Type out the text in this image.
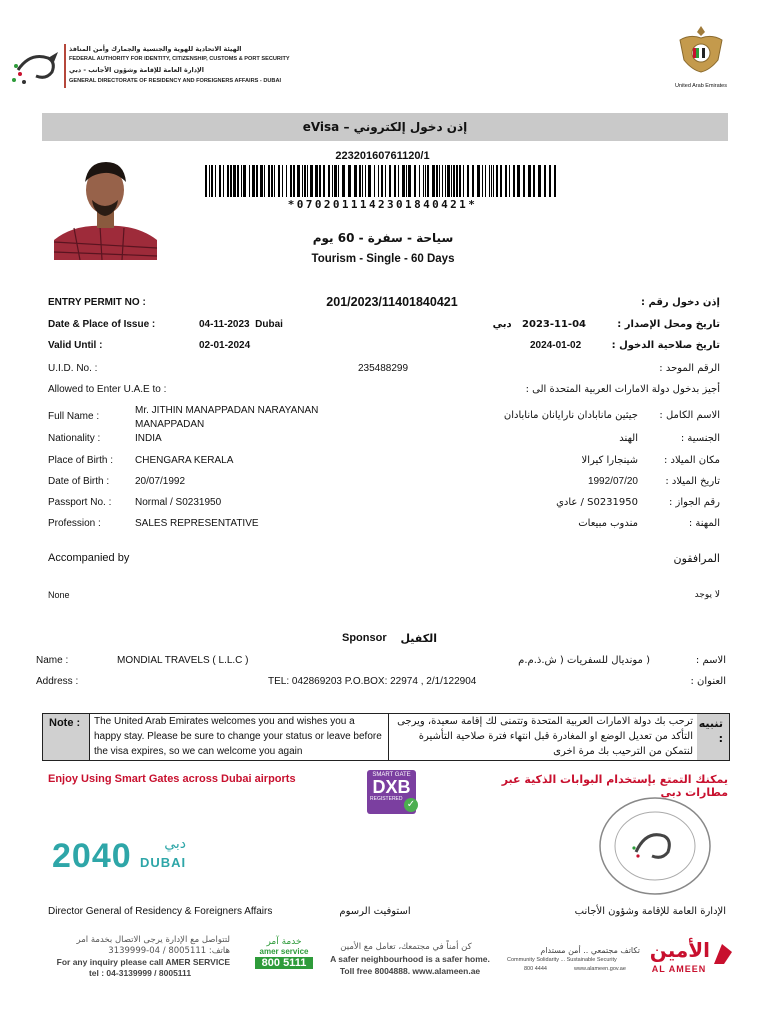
الهيئة الاتحادية للهوية والجنسية والجمارك وأمن المنافذ
FEDERAL AUTHORITY FOR IDENTITY, CITIZENSHIP, CUSTOMS & PORT SECURITY
الإدارة العامة للإقامة وشؤون الأجانب - دبي
GENERAL DIRECTORATE OF RESIDENCY AND FOREIGNERS AFFAIRS - DUBAI
United Arab Emirates
إذن دخول إلكتروني – eVisa
22320160761120/1
*0702011142301840421*
سياحة - سفرة - 60 يوم
Tourism - Single - 60 Days
ENTRY PERMIT NO :	201/2023/11401840421	إذن دخول رقم :
Date & Place of Issue :	04-11-2023  Dubai	2023-11-04   دبي	تاريخ ومحل الإصدار :
Valid Until :	02-01-2024	2024-01-02	تاريخ صلاحية الدخول :
U.I.D. No. :	235488299	الرقم الموحد :
Allowed to Enter U.A.E to :	أجيز بدخول دولة الامارات العربية المتحدة الى :
Full Name :
Mr. JITHIN MANAPPADAN NARAYANAN
MANAPPADAN
جيثين مانابادان نارايانان مانابادان	الاسم الكامل :
Nationality :	INDIA	الهند	الجنسية :
Place of Birth : CHENGARA KERALA	شينجارا كيرالا	مكان الميلاد :
Date of Birth :	20/07/1992	1992/07/20	تاريخ الميلاد :
Passport No. : Normal / S0231950	S0231950 / عادي	رقم الجواز :
Profession :	SALES REPRESENTATIVE	مندوب مبيعات	المهنة :
Accompanied by	المرافقون
None	لا يوجد
Sponsor	الكفيل
Name :	MONDIAL TRAVELS ( L.L.C )	( موندیال للسفريات ( ش.ذ.م.م	الاسم :
Address :	TEL: 042869203 P.O.BOX: 22974 , 2/1/122904	العنوان :
Note :	The United Arab Emirates welcomes you and wishes you a happy stay. Please be sure to change your status or leave before the visa expires, so we can welcome you again
ترحب بك دولة الامارات العربية المتحدة وتتمنى لك إقامة سعيدة، ويرجى التأكد من تعديل الوضع او المغادرة قبل انتهاء فترة صلاحية التأشيرة لنتمكن من الترحيب بك مرة اخرى
تنبيه :
Enjoy Using Smart Gates across Dubai airports	يمكنك التمتع بإستخدام البوابات الذكية عبر مطارات دبي
SMART GATE
DXB
REGISTERED ✓
2040	دبي
DUBAI
Director General of Residency & Foreigners Affairs	استوفيت الرسوم	الإدارة العامة للإقامة وشؤون الأجانب
لتتواصل مع الإدارة يرجى الاتصال بخدمة امر
هاتف: 8005111 / 04-3139999
For any inquiry please call AMER SERVICE
tel : 04-3139999 / 8005111
خدمة آمر
amer service
800 5111
كن أمناً في مجتمعك، تعامل مع الأمين
A safer neighbourhood is a safer home.
Toll free 8004888. www.alameen.ae
تكاتف مجتمعي .. أمن مستدام
Community Solidarity ... Sustainable Security
800 4444	www.alameen.gov.ae
الأمين
AL AMEEN
